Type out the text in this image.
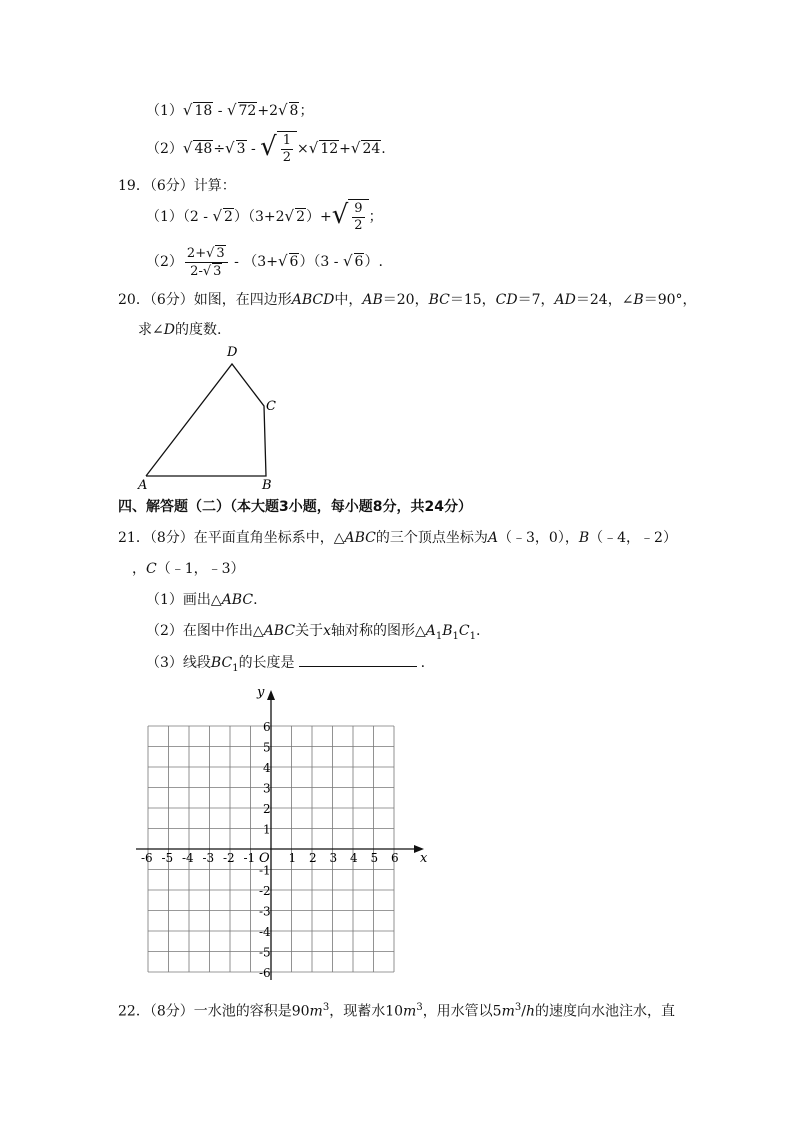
（1）√ 18 - √ 72+2√ 8；
（2）√ 48÷√ 3 - √ $\frac{1}{2}$ ×√ 12+√ 24.
19．（6分）计算：
（1）（2 - √ 2）（3+2√ 2）+ √ $\frac{9}{2}$ ；
$(2) \frac{2+√ 3}{2-√ 3} - (3+√$ 6）（3 - √ 6）.
20．（6分）如图，在四边形ABCD中，AB＝20，BC＝15，CD＝7，AD＝24，∠B＝90°，
求∠D的度数.
A	B
C
D
四、解答题（二）（本大题3小题，每小题8分，共24分）
21．（8分）在平面直角坐标系中，△ABC的三个顶点坐标为A（﹣3，0），B（﹣4，﹣2）
，C（﹣1，﹣3）
（1）画出△ABC.
（2）在图中作出△ABC关于x轴对称的图形$\triangle A_1B_1C_1$.
（3）线段$BC_1$的长度是	.
x
y
O
-6 -5 -4 -3 -2 -1	1 2 3 4 5 6
6
5
4
3
2
1
-1
-2
-3
-4
-5
-6
22．（8分）一水池的容积是$90m^3$，现蓄水$10m^3$，用水管以$5m^3/h$的速度向水池注水，直
